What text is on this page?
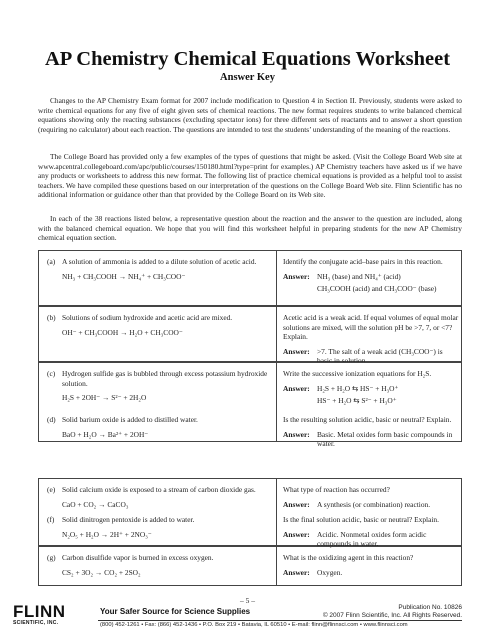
AP Chemistry Chemical Equations Worksheet
Answer Key
Changes to the AP Chemistry Exam format for 2007 include modification to Question 4 in Section II. Previously, students were asked to write chemical equations for any five of eight given sets of chemical reactions. The new format requires students to write balanced chemical equations showing only the reacting substances (excluding spectator ions) for three different sets of reactants and to answer a short question (requiring no calculator) about each reaction. The questions are intended to test the students’ understanding of the meaning of the reactions.
The College Board has provided only a few examples of the types of questions that might be asked. (Visit the College Board Web site at www.apcentral.collegeboard.com/apc/public/courses/150180.html?type=print for examples.) AP Chemistry teachers have asked us if we have any products or worksheets to address this new format. The following list of practice chemical equations is provided as a helpful tool to assist teachers. We have compiled these questions based on our interpretation of the questions on the College Board Web site. Flinn Scientific has no additional information or guidance other than that provided by the College Board on its Web site.
In each of the 38 reactions listed below, a representative question about the reaction and the answer to the question are included, along with the balanced chemical equation. We hope that you will find this worksheet helpful in preparing students for the new AP Chemistry chemical equation section.
(a) A solution of ammonia is added to a dilute solution of acetic acid.
NH₃ + CH₃COOH → NH₄⁺ + CH₃COO⁻
Identify the conjugate acid–base pairs in this reaction.
Answer: NH₃ (base) and NH₄⁺ (acid)
CH₃COOH (acid) and CH₃COO⁻ (base)
(b) Solutions of sodium hydroxide and acetic acid are mixed.
OH⁻ + CH₃COOH → H₂O + CH₃COO⁻
Acetic acid is a weak acid. If equal volumes of equal molar solutions are mixed, will the solution pH be >7, 7, or <7? Explain.
Answer: >7. The salt of a weak acid (CH₃COO⁻) is basic in solution.
(c) Hydrogen sulfide gas is bubbled through excess potassium hydroxide solution.
H₂S + 2OH⁻ → S²⁻ + 2H₂O
Write the successive ionization equations for H₂S.
Answer: H₂S + H₂O ⇆ HS⁻ + H₃O⁺
HS⁻ + H₂O ⇆ S²⁻ + H₃O⁺
(d) Solid barium oxide is added to distilled water.
BaO + H₂O → Ba²⁺ + 2OH⁻
Is the resulting solution acidic, basic or neutral? Explain.
Answer: Basic. Metal oxides form basic compounds in water.
(e) Solid calcium oxide is exposed to a stream of carbon dioxide gas.
CaO + CO₂ → CaCO₃
What type of reaction has occurred?
Answer: A synthesis (or combination) reaction.
(f)	Solid dinitrogen pentoxide is added to water.
N₂O₅ + H₂O → 2H⁺ + 2NO₃⁻
Is the final solution acidic, basic or neutral? Explain.
Answer: Acidic. Nonmetal oxides form acidic compounds in water.
(g) Carbon disulfide vapor is burned in excess oxygen.
CS₂ + 3O₂ → CO₂ + 2SO₂
What is the oxidizing agent in this reaction?
Answer: Oxygen.
– 5 –
Publication No. 10826
© 2007 Flinn Scientific, Inc. All Rights Reserved.
FLINN
SCIENTIFIC, INC.
Your Safer Source for Science Supplies
(800) 452-1261 • Fax: (866) 452-1436 • P.O. Box 219 • Batavia, IL 60510 • E-mail: flinn@flinnsci.com • www.flinnsci.com
